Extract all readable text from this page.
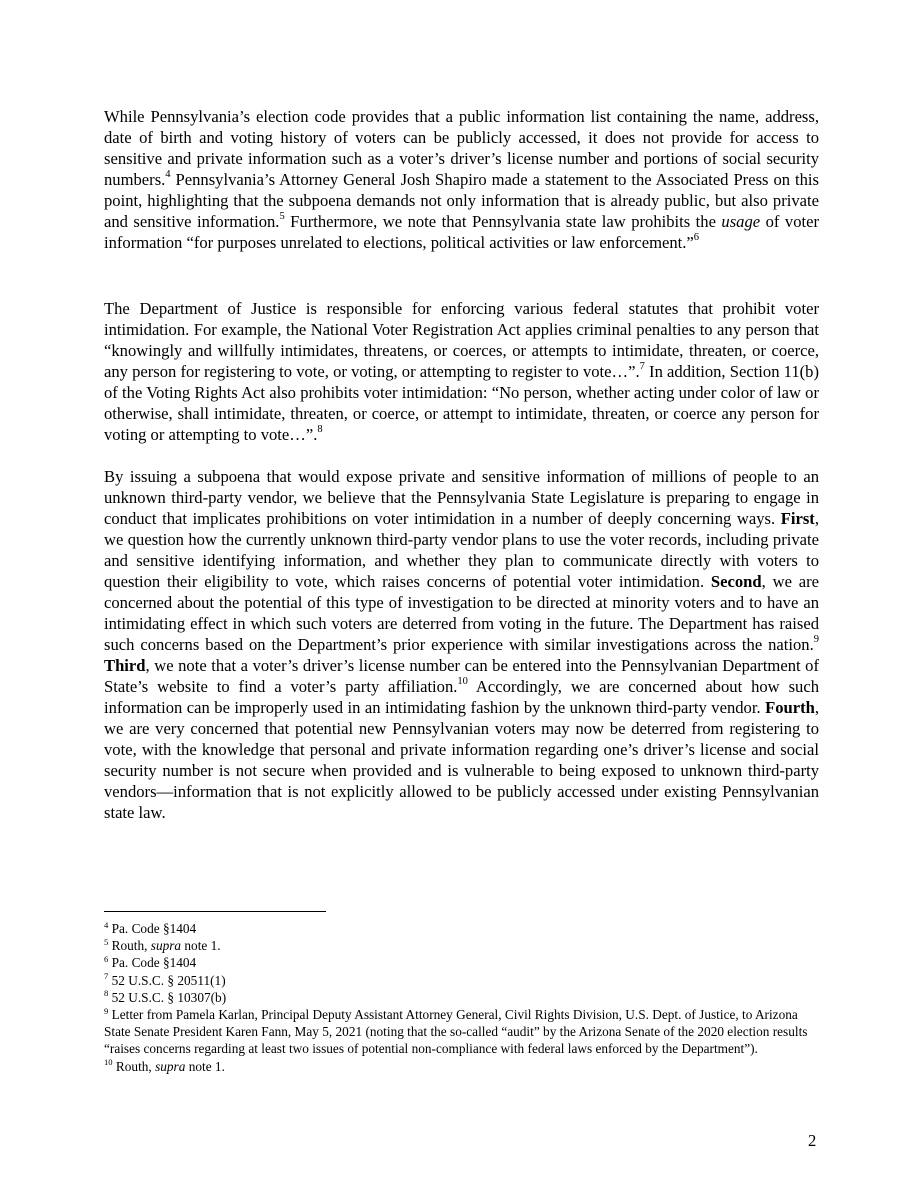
While Pennsylvania’s election code provides that a public information list containing the name, address, date of birth and voting history of voters can be publicly accessed, it does not provide for access to sensitive and private information such as a voter’s driver’s license number and portions of social security numbers.$^4$ Pennsylvania’s Attorney General Josh Shapiro made a statement to the Associated Press on this point, highlighting that the subpoena demands not only information that is already public, but also private and sensitive information.$^5$ Furthermore, we note that Pennsylvania state law prohibits the usage of voter information “for purposes unrelated to elections, political activities or law enforcement.”$^6$

The Department of Justice is responsible for enforcing various federal statutes that prohibit voter intimidation. For example, the National Voter Registration Act applies criminal penalties to any person that “knowingly and willfully intimidates, threatens, or coerces, or attempts to intimidate, threaten, or coerce, any person for registering to vote, or voting, or attempting to register to vote…”.$^7$ In addition, Section 11(b) of the Voting Rights Act also prohibits voter intimidation: “No person, whether acting under color of law or otherwise, shall intimidate, threaten, or coerce, or attempt to intimidate, threaten, or coerce any person for voting or attempting to vote…”.$^8$

By issuing a subpoena that would expose private and sensitive information of millions of people to an unknown third-party vendor, we believe that the Pennsylvania State Legislature is preparing to engage in conduct that implicates prohibitions on voter intimidation in a number of deeply concerning ways. First, we question how the currently unknown third-party vendor plans to use the voter records, including private and sensitive identifying information, and whether they plan to communicate directly with voters to question their eligibility to vote, which raises concerns of potential voter intimidation. Second, we are concerned about the potential of this type of investigation to be directed at minority voters and to have an intimidating effect in which such voters are deterred from voting in the future. The Department has raised such concerns based on the Department’s prior experience with similar investigations across the nation.$^9$ Third, we note that a voter’s driver’s license number can be entered into the Pennsylvanian Department of State’s website to find a voter’s party affiliation.$^{10}$ Accordingly, we are concerned about how such information can be improperly used in an intimidating fashion by the unknown third-party vendor. Fourth, we are very concerned that potential new Pennsylvanian voters may now be deterred from registering to vote, with the knowledge that personal and private information regarding one’s driver’s license and social security number is not secure when provided and is vulnerable to being exposed to unknown third-party vendors—information that is not explicitly allowed to be publicly accessed under existing Pennsylvanian state law.

$^4$ Pa. Code §1404

$^5$ Routh, supra note 1.

$^6$ Pa. Code §1404

$^7$ 52 U.S.C. § 20511(1)

$^8$ 52 U.S.C. § 10307(b)

$^9$ Letter from Pamela Karlan, Principal Deputy Assistant Attorney General, Civil Rights Division, U.S. Dept. of Justice, to Arizona State Senate President Karen Fann, May 5, 2021 (noting that the so-called “audit” by the Arizona Senate of the 2020 election results “raises concerns regarding at least two issues of potential non-compliance with federal laws enforced by the Department”).

$^{10}$ Routh, supra note 1.

2
